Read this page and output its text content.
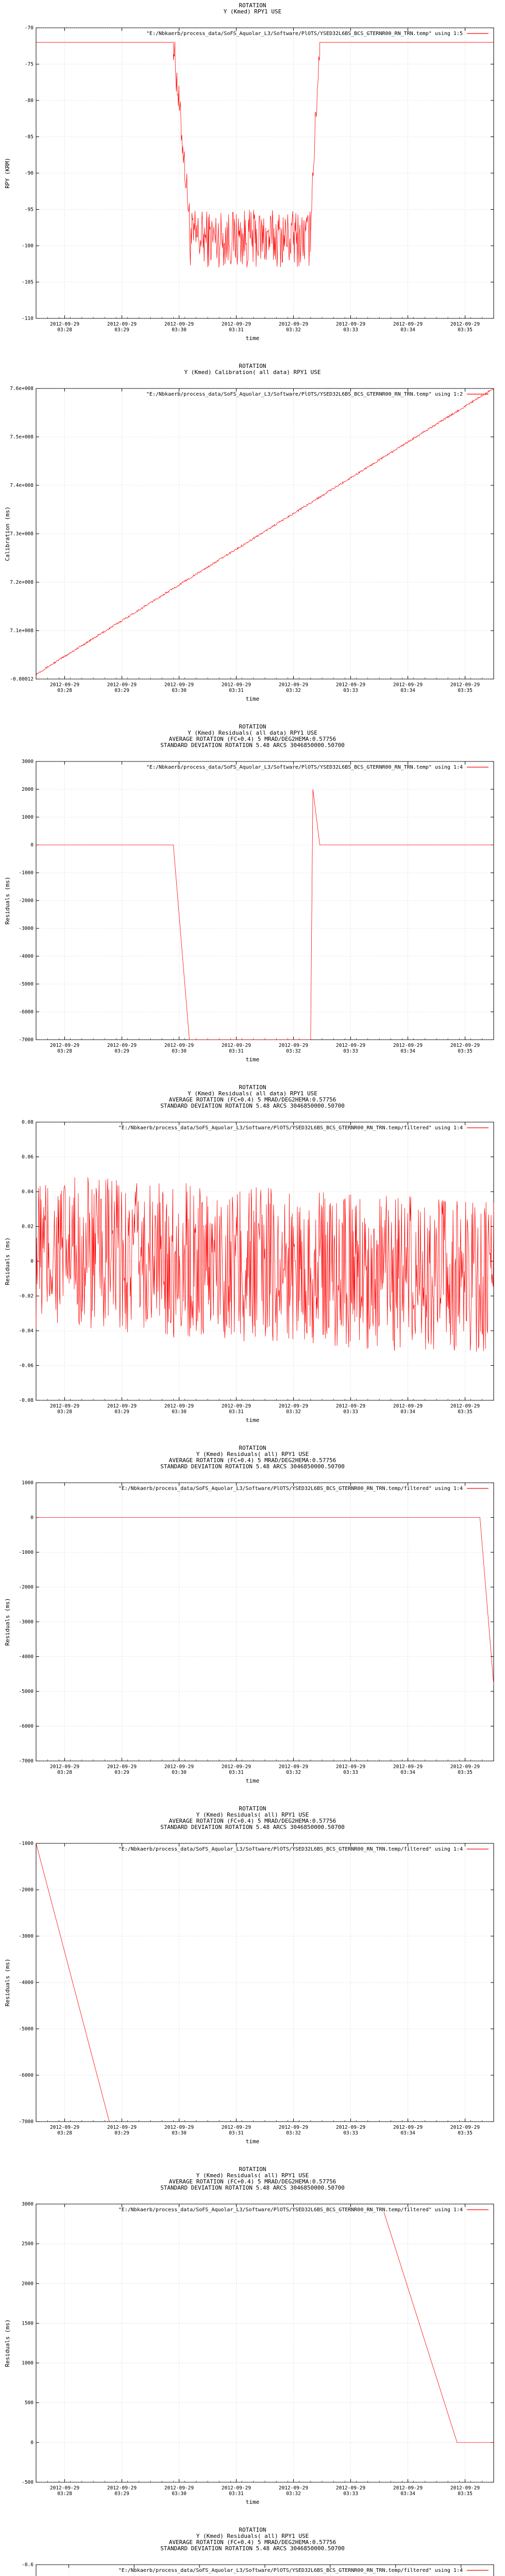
ROTATION
Y (Kmed) RPY1 USE
-70
-75
-80
-85
-90
-95
-100
-105
-110
2012-09-29 03:28
2012-09-29 03:29
2012-09-29 03:30
2012-09-29 03:31
2012-09-29 03:32
2012-09-29 03:33
2012-09-29 03:34
2012-09-29 03:35
time
RPY (KRM)
"E:/Nbkaerb/process_data/SoFS_Aquolar_L3/Software/PlOTS/YSED32L6BS_BCS_GTERNR00_RN_TRN.temp" using 1:5
ROTATION
Y (Kmed) Calibration( all data) RPY1 USE
7.6e+008
7.5e+008
7.4e+008
7.3e+008
7.2e+008
7.1e+008
-0.00012
2012-09-29 03:28
2012-09-29 03:29
2012-09-29 03:30
2012-09-29 03:31
2012-09-29 03:32
2012-09-29 03:33
2012-09-29 03:34
2012-09-29 03:35
time
Calibration (ms)
"E:/Nbkaerb/process_data/SoFS_Aquolar_L3/Software/PlOTS/YSED32L6BS_BCS_GTERNR00_RN_TRN.temp" using 1:2
ROTATION
Y (Kmed) Residuals( all data) RPY1 USE
AVERAGE ROTATION (FC+0.4) 5 MRAD/DEG2HEMA:0.57756
STANDARD DEVIATION ROTATION 5.48 ARCS 3046850000.50700
3000
2000
1000
0
-1000
-2000
-3000
-4000
-5000
-6000
-7000
2012-09-29 03:28
2012-09-29 03:29
2012-09-29 03:30
2012-09-29 03:31
2012-09-29 03:32
2012-09-29 03:33
2012-09-29 03:34
2012-09-29 03:35
time
Residuals (ms)
"E:/Nbkaerb/process_data/SoFS_Aquolar_L3/Software/PlOTS/YSED32L6BS_BCS_GTERNR00_RN_TRN.temp" using 1:4
ROTATION
Y (Kmed) Residuals( all data) RPY1 USE
AVERAGE ROTATION (FC+0.4) 5 MRAD/DEG2HEMA:0.57756
STANDARD DEVIATION ROTATION 5.48 ARCS 3046850000.50700
0.08
0.06
0.04
0.02
0
-0.02
-0.04
-0.06
-0.08
2012-09-29 03:28
2012-09-29 03:29
2012-09-29 03:30
2012-09-29 03:31
2012-09-29 03:32
2012-09-29 03:33
2012-09-29 03:34
2012-09-29 03:35
time
Residuals (ms)
"E:/Nbkaerb/process_data/SoFS_Aquolar_L3/Software/PlOTS/YSED32L6BS_BCS_GTERNR00_RN_TRN.temp/filtered" using 1:4
ROTATION
Y (Kmed) Residuals( all) RPY1 USE
AVERAGE ROTATION (FC+0.4) 5 MRAD/DEG2HEMA:0.57756
STANDARD DEVIATION ROTATION 5.48 ARCS 3046850000.50700
1000
0
-1000
-2000
-3000
-4000
-5000
-6000
-7000
2012-09-29 03:28
2012-09-29 03:29
2012-09-29 03:30
2012-09-29 03:31
2012-09-29 03:32
2012-09-29 03:33
2012-09-29 03:34
2012-09-29 03:35
time
Residuals (ms)
"E:/Nbkaerb/process_data/SoFS_Aquolar_L3/Software/PlOTS/YSED32L6BS_BCS_GTERNR00_RN_TRN.temp/filtered" using 1:4
ROTATION
Y (Kmed) Residuals( all) RPY1 USE
AVERAGE ROTATION (FC+0.4) 5 MRAD/DEG2HEMA:0.57756
STANDARD DEVIATION ROTATION 5.48 ARCS 3046850000.50700
-1000
-2000
-3000
-4000
-5000
-6000
-7000
2012-09-29 03:28
2012-09-29 03:29
2012-09-29 03:30
2012-09-29 03:31
2012-09-29 03:32
2012-09-29 03:33
2012-09-29 03:34
2012-09-29 03:35
time
Residuals (ms)
"E:/Nbkaerb/process_data/SoFS_Aquolar_L3/Software/PlOTS/YSED32L6BS_BCS_GTERNR00_RN_TRN.temp/filtered" using 1:4
ROTATION
Y (Kmed) Residuals( all) RPY1 USE
AVERAGE ROTATION (FC+0.4) 5 MRAD/DEG2HEMA:0.57756
STANDARD DEVIATION ROTATION 5.48 ARCS 3046850000.50700
3000
2500
2000
1500
1000
500
0
-500
2012-09-29 03:28
2012-09-29 03:29
2012-09-29 03:30
2012-09-29 03:31
2012-09-29 03:32
2012-09-29 03:33
2012-09-29 03:34
2012-09-29 03:35
time
Residuals (ms)
"E:/Nbkaerb/process_data/SoFS_Aquolar_L3/Software/PlOTS/YSED32L6BS_BCS_GTERNR00_RN_TRN.temp/filtered" using 1:4
ROTATION
Y (Kmed) Residuals( all) RPY1 USE
AVERAGE ROTATION (FC+0.4) 5 MRAD/DEG2HEMA:0.57756
STANDARD DEVIATION ROTATION 5.48 ARCS 3046850000.50700
-0.6
"E:/Nbkaerb/process_data/SoFS_Aquolar_L3/Software/PlOTS/YSED32L6BS_BCS_GTERNR00_RN_TRN.temp/filtered" using 1:4
